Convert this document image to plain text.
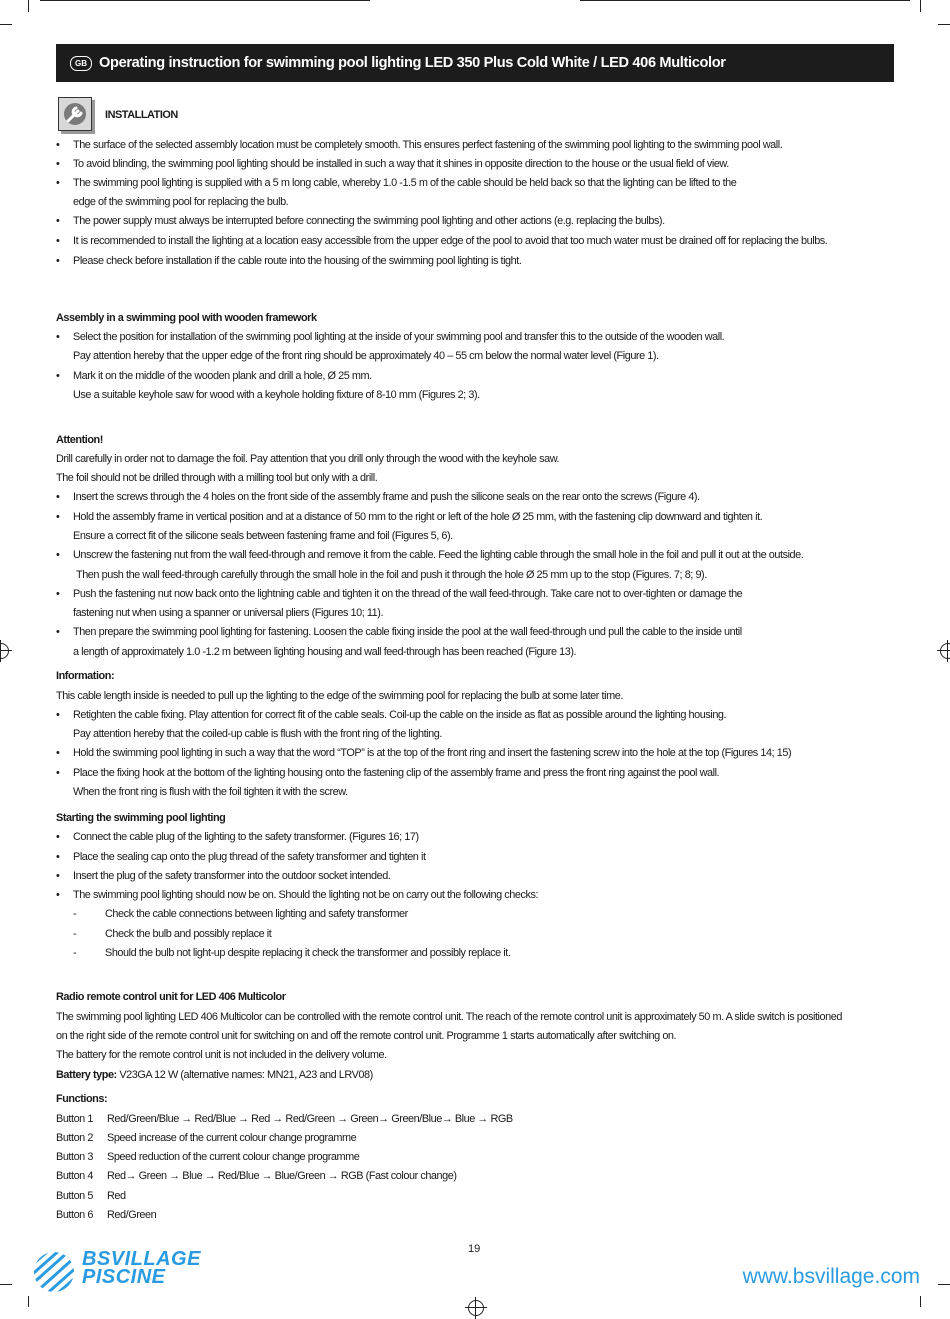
GB Operating instruction for swimming pool lighting LED 350 Plus Cold White / LED 406 Multicolor
INSTALLATION
• The surface of the selected assembly location must be completely smooth. This ensures perfect fastening of the swimming pool lighting to the swimming pool wall.
• To avoid blinding, the swimming pool lighting should be installed in such a way that it shines in opposite direction to the house or the usual field of view.
• The swimming pool lighting is supplied with a 5 m long cable, whereby 1.0 -1.5 m of the cable should be held back so that the lighting can be lifted to the
edge of the swimming pool for replacing the bulb.
• The power supply must always be interrupted before connecting the swimming pool lighting and other actions (e.g. replacing the bulbs).
• It is recommended to install the lighting at a location easy accessible from the upper edge of the pool to avoid that too much water must be drained off for replacing the bulbs.
• Please check before installation if the cable route into the housing of the swimming pool lighting is tight.
Assembly in a swimming pool with wooden framework
• Select the position for installation of the swimming pool lighting at the inside of your swimming pool and transfer this to the outside of the wooden wall.
Pay attention hereby that the upper edge of the front ring should be approximately 40 – 55 cm below the normal water level (Figure 1).
• Mark it on the middle of the wooden plank and drill a hole, Ø 25 mm.
Use a suitable keyhole saw for wood with a keyhole holding fixture of 8-10 mm (Figures 2; 3).
Attention!
Drill carefully in order not to damage the foil. Pay attention that you drill only through the wood with the keyhole saw.
The foil should not be drilled through with a milling tool but only with a drill.
• Insert the screws through the 4 holes on the front side of the assembly frame and push the silicone seals on the rear onto the screws (Figure 4).
• Hold the assembly frame in vertical position and at a distance of 50 mm to the right or left of the hole Ø 25 mm, with the fastening clip downward and tighten it.
Ensure a correct fit of the silicone seals between fastening frame and foil (Figures 5, 6).
• Unscrew the fastening nut from the wall feed-through and remove it from the cable. Feed the lighting cable through the small hole in the foil and pull it out at the outside.
Then push the wall feed-through carefully through the small hole in the foil and push it through the hole Ø 25 mm up to the stop (Figures. 7; 8; 9).
• Push the fastening nut now back onto the lightning cable and tighten it on the thread of the wall feed-through. Take care not to over-tighten or damage the
fastening nut when using a spanner or universal pliers (Figures 10; 11).
• Then prepare the swimming pool lighting for fastening. Loosen the cable fixing inside the pool at the wall feed-through und pull the cable to the inside until
a length of approximately 1.0 -1.2 m between lighting housing and wall feed-through has been reached (Figure 13).
Information:
This cable length inside is needed to pull up the lighting to the edge of the swimming pool for replacing the bulb at some later time.
• Retighten the cable fixing. Play attention for correct fit of the cable seals. Coil-up the cable on the inside as flat as possible around the lighting housing.
Pay attention hereby that the coiled-up cable is flush with the front ring of the lighting.
• Hold the swimming pool lighting in such a way that the word “TOP” is at the top of the front ring and insert the fastening screw into the hole at the top (Figures 14; 15)
• Place the fixing hook at the bottom of the lighting housing onto the fastening clip of the assembly frame and press the front ring against the pool wall.
When the front ring is flush with the foil tighten it with the screw.
Starting the swimming pool lighting
• Connect the cable plug of the lighting to the safety transformer. (Figures 16; 17)
• Place the sealing cap onto the plug thread of the safety transformer and tighten it
• Insert the plug of the safety transformer into the outdoor socket intended.
• The swimming pool lighting should now be on. Should the lighting not be on carry out the following checks:
-	Check the cable connections between lighting and safety transformer
-	Check the bulb and possibly replace it
-	Should the bulb not light-up despite replacing it check the transformer and possibly replace it.
Radio remote control unit for LED 406 Multicolor
The swimming pool lighting LED 406 Multicolor can be controlled with the remote control unit. The reach of the remote control unit is approximately 50 m. A slide switch is positioned
on the right side of the remote control unit for switching on and off the remote control unit. Programme 1 starts automatically after switching on.
The battery for the remote control unit is not included in the delivery volume.
Battery type: V23GA 12 W (alternative names: MN21, A23 and LRV08)
Functions:
Button 1 Red/Green/Blue → Red/Blue → Red → Red/Green → Green→ Green/Blue→ Blue → RGB
Button 2 Speed increase of the current colour change programme
Button 3 Speed reduction of the current colour change programme
Button 4 Red→ Green → Blue → Red/Blue → Blue/Green → RGB (Fast colour change)
Button 5 Red
Button 6 Red/Green
19
BSVILLAGE
PISCINE	www.bsvillage.com
